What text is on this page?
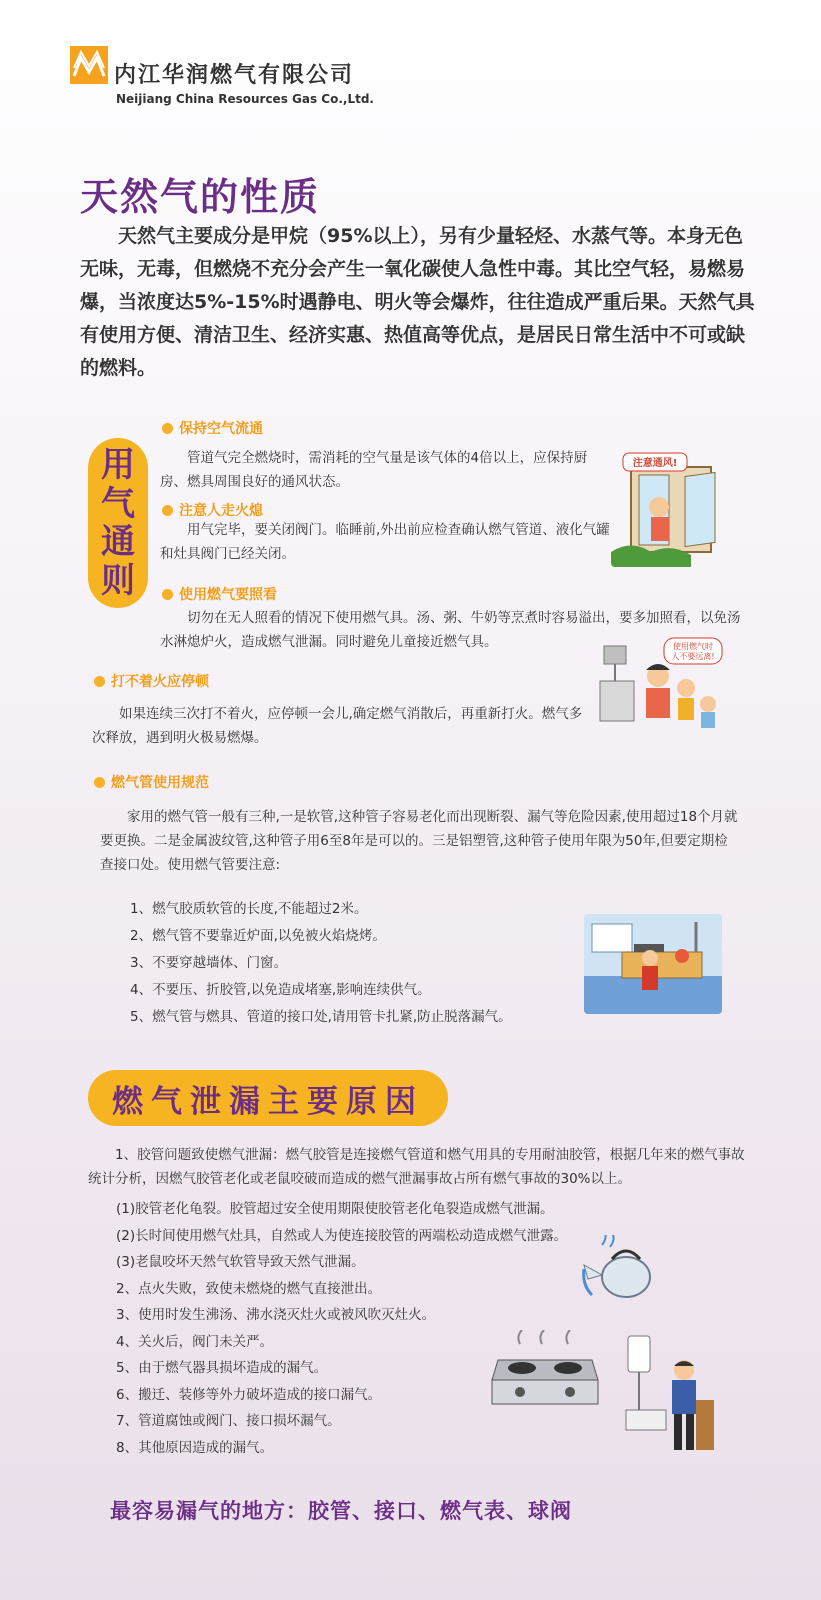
内江华润燃气有限公司
Neijiang China Resources Gas Co.,Ltd.
天然气的性质
天然气主要成分是甲烷（95%以上），另有少量轻烃、水蒸气等。本身无色无味，无毒，但燃烧不充分会产生一氧化碳使人急性中毒。其比空气轻，易燃易爆，当浓度达5%-15%时遇静电、明火等会爆炸，往往造成严重后果。天然气具有使用方便、清洁卫生、经济实惠、热值高等优点，是居民日常生活中不可或缺的燃料。
用
气
通
则
保持空气流通
管道气完全燃烧时，需消耗的空气量是该气体的4倍以上，应保持厨房、燃具周围良好的通风状态。
注意人走火熄
用气完毕，要关闭阀门。临睡前,外出前应检查确认燃气管道、液化气罐和灶具阀门已经关闭。
使用燃气要照看
切勿在无人照看的情况下使用燃气具。汤、粥、牛奶等烹煮时容易溢出，要多加照看，以免汤水淋熄炉火，造成燃气泄漏。同时避免儿童接近燃气具。
打不着火应停顿
如果连续三次打不着火，应停顿一会儿,确定燃气消散后，再重新打火。燃气多次释放，遇到明火极易燃爆。
燃气管使用规范
家用的燃气管一般有三种,一是软管,这种管子容易老化而出现断裂、漏气等危险因素,使用超过18个月就要更换。二是金属波纹管,这种管子用6至8年是可以的。三是铝塑管,这种管子使用年限为50年,但要定期检查接口处。使用燃气管要注意:
1、燃气胶质软管的长度,不能超过2米。
2、燃气管不要靠近炉面,以免被火焰烧烤。
3、不要穿越墙体、门窗。
4、不要压、折胶管,以免造成堵塞,影响连续供气。
5、燃气管与燃具、管道的接口处,请用管卡扎紧,防止脱落漏气。
注意通风!
使用燃气时
人不要远离!
燃气泄漏主要原因
1、胶管问题致使燃气泄漏：燃气胶管是连接燃气管道和燃气用具的专用耐油胶管，根据几年来的燃气事故统计分析，因燃气胶管老化或老鼠咬破而造成的燃气泄漏事故占所有燃气事故的30%以上。
(1)胶管老化龟裂。胶管超过安全使用期限使胶管老化龟裂造成燃气泄漏。
(2)长时间使用燃气灶具，自然或人为使连接胶管的两端松动造成燃气泄露。
(3)老鼠咬坏天然气软管导致天然气泄漏。
2、点火失败，致使未燃烧的燃气直接泄出。
3、使用时发生沸汤、沸水浇灭灶火或被风吹灭灶火。
4、关火后，阀门未关严。
5、由于燃气器具损坏造成的漏气。
6、搬迁、装修等外力破坏造成的接口漏气。
7、管道腐蚀或阀门、接口损坏漏气。
8、其他原因造成的漏气。
最容易漏气的地方：胶管、接口、燃气表、球阀
